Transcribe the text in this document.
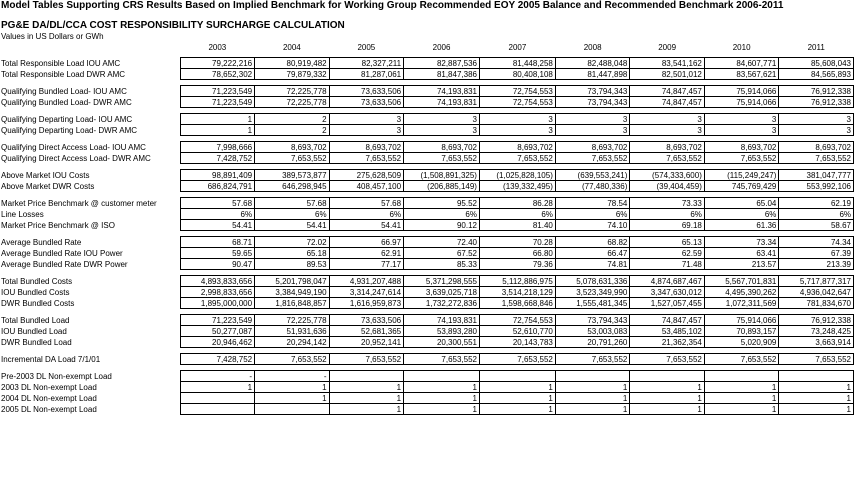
Model Tables Supporting CRS Results Based on Implied Benchmark for Working Group Recommended EOY 2005 Balance and Recommended Benchmark 2006-2011
PG&E DA/DL/CCA COST RESPONSIBILITY SURCHARGE CALCULATION
Values in US Dollars or GWh
	2003	2004	2005	2006	2007	2008	2009	2010	2011

Total Responsible Load IOU AMC	79,222,216	80,919,482	82,327,211	82,887,536	81,448,258	82,488,048	83,541,162	84,607,771	85,608,043
Total Responsible Load DWR AMC	78,652,302	79,879,332	81,287,061	81,847,386	80,408,108	81,447,898	82,501,012	83,567,621	84,565,893

Qualifying Bundled Load- IOU AMC	71,223,549	72,225,778	73,633,506	74,193,831	72,754,553	73,794,343	74,847,457	75,914,066	76,912,338
Qualifying Bundled Load- DWR AMC	71,223,549	72,225,778	73,633,506	74,193,831	72,754,553	73,794,343	74,847,457	75,914,066	76,912,338

Qualifying Departing Load- IOU AMC	1	2	3	3	3	3	3	3	3
Qualifying Departing Load- DWR AMC	1	2	3	3	3	3	3	3	3

Qualifying Direct Access Load- IOU AMC	7,998,666	8,693,702	8,693,702	8,693,702	8,693,702	8,693,702	8,693,702	8,693,702	8,693,702
Qualifying Direct Access Load- DWR AMC	7,428,752	7,653,552	7,653,552	7,653,552	7,653,552	7,653,552	7,653,552	7,653,552	7,653,552

Above Market IOU Costs	98,891,409	389,573,877	275,628,509	(1,508,891,325)	(1,025,828,105)	(639,553,241)	(574,333,600)	(115,249,247)	381,047,777
Above Market DWR Costs	686,824,791	646,298,945	408,457,100	(206,885,149)	(139,332,495)	(77,480,336)	(39,404,459)	745,769,429	553,992,106

Market Price Benchmark @ customer meter	57.68	57.68	57.68	95.52	86.28	78.54	73.33	65.04	62.19
Line Losses	6%	6%	6%	6%	6%	6%	6%	6%	6%
Market Price Benchmark @ ISO	54.41	54.41	54.41	90.12	81.40	74.10	69.18	61.36	58.67

Average Bundled Rate	68.71	72.02	66.97	72.40	70.28	68.82	65.13	73.34	74.34
Average Bundled Rate IOU Power	59.65	65.18	62.91	67.52	66.80	66.47	62.59	63.41	67.39
Average Bundled Rate DWR Power	90.47	89.53	77.17	85.33	79.36	74.81	71.48	213.57	213.39

Total Bundled Costs	4,893,833,656	5,201,798,047	4,931,207,488	5,371,298,555	5,112,886,975	5,078,631,336	4,874,687,467	5,567,701,831	5,717,877,317
IOU Bundled Costs	2,998,833,656	3,384,949,190	3,314,247,614	3,639,025,718	3,514,218,129	3,523,349,990	3,347,630,012	4,495,390,262	4,936,042,647
DWR Bundled Costs	1,895,000,000	1,816,848,857	1,616,959,873	1,732,272,836	1,598,668,846	1,555,481,345	1,527,057,455	1,072,311,569	781,834,670

Total Bundled Load	71,223,549	72,225,778	73,633,506	74,193,831	72,754,553	73,794,343	74,847,457	75,914,066	76,912,338
IOU Bundled Load	50,277,087	51,931,636	52,681,365	53,893,280	52,610,770	53,003,083	53,485,102	70,893,157	73,248,425
DWR Bundled Load	20,946,462	20,294,142	20,952,141	20,300,551	20,143,783	20,791,260	21,362,354	5,020,909	3,663,914

Incremental DA Load 7/1/01	7,428,752	7,653,552	7,653,552	7,653,552	7,653,552	7,653,552	7,653,552	7,653,552	7,653,552

Pre-2003 DL Non-exempt Load	-	-							
2003 DL Non-exempt Load	1	1	1	1	1	1	1	1	1
2004 DL Non-exempt Load		1	1	1	1	1	1	1	1
2005 DL Non-exempt Load			1	1	1	1	1	1	1
